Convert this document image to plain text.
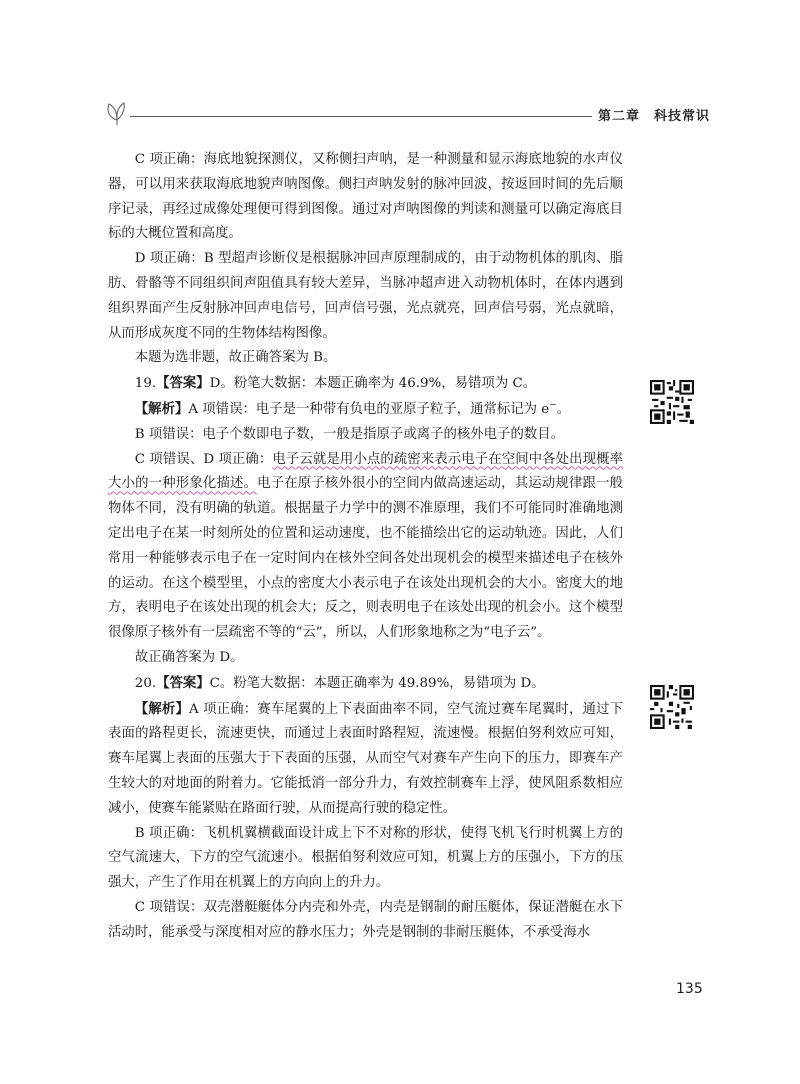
第二章　科技常识

C 项正确：海底地貌探测仪，又称侧扫声呐，是一种测量和显示海底地貌的水声仪器，可以用来获取海底地貌声呐图像。侧扫声呐发射的脉冲回波，按返回时间的先后顺序记录，再经过成像处理便可得到图像。通过对声呐图像的判读和测量可以确定海底目标的大概位置和高度。

D 项正确：B 型超声诊断仪是根据脉冲回声原理制成的，由于动物机体的肌肉、脂肪、骨骼等不同组织间声阻值具有较大差异，当脉冲超声进入动物机体时，在体内遇到组织界面产生反射脉冲回声电信号，回声信号强，光点就亮，回声信号弱，光点就暗，从而形成灰度不同的生物体结构图像。

本题为选非题，故正确答案为 B。

19.【答案】D。粉笔大数据：本题正确率为 46.9%，易错项为 C。

【解析】A 项错误：电子是一种带有负电的亚原子粒子，通常标记为 e−。

B 项错误：电子个数即电子数，一般是指原子或离子的核外电子的数目。

C 项错误、D 项正确：电子云就是用小点的疏密来表示电子在空间中各处出现概率大小的一种形象化描述。电子在原子核外很小的空间内做高速运动，其运动规律跟一般物体不同，没有明确的轨道。根据量子力学中的测不准原理，我们不可能同时准确地测定出电子在某一时刻所处的位置和运动速度，也不能描绘出它的运动轨迹。因此，人们常用一种能够表示电子在一定时间内在核外空间各处出现机会的模型来描述电子在核外的运动。在这个模型里，小点的密度大小表示电子在该处出现机会的大小。密度大的地方，表明电子在该处出现的机会大；反之，则表明电子在该处出现的机会小。这个模型很像原子核外有一层疏密不等的“云”，所以，人们形象地称之为“电子云”。

故正确答案为 D。

20.【答案】C。粉笔大数据：本题正确率为 49.89%，易错项为 D。

【解析】A 项正确：赛车尾翼的上下表面曲率不同，空气流过赛车尾翼时，通过下表面的路程更长，流速更快，而通过上表面时路程短，流速慢。根据伯努利效应可知，赛车尾翼上表面的压强大于下表面的压强，从而空气对赛车产生向下的压力，即赛车产生较大的对地面的附着力。它能抵消一部分升力，有效控制赛车上浮，使风阻系数相应减小，使赛车能紧贴在路面行驶，从而提高行驶的稳定性。

B 项正确：飞机机翼横截面设计成上下不对称的形状，使得飞机飞行时机翼上方的空气流速大，下方的空气流速小。根据伯努利效应可知，机翼上方的压强小，下方的压强大，产生了作用在机翼上的方向向上的升力。

C 项错误：双壳潜艇艇体分内壳和外壳，内壳是钢制的耐压艇体，保证潜艇在水下活动时，能承受与深度相对应的静水压力；外壳是钢制的非耐压艇体，不承受海水

135
